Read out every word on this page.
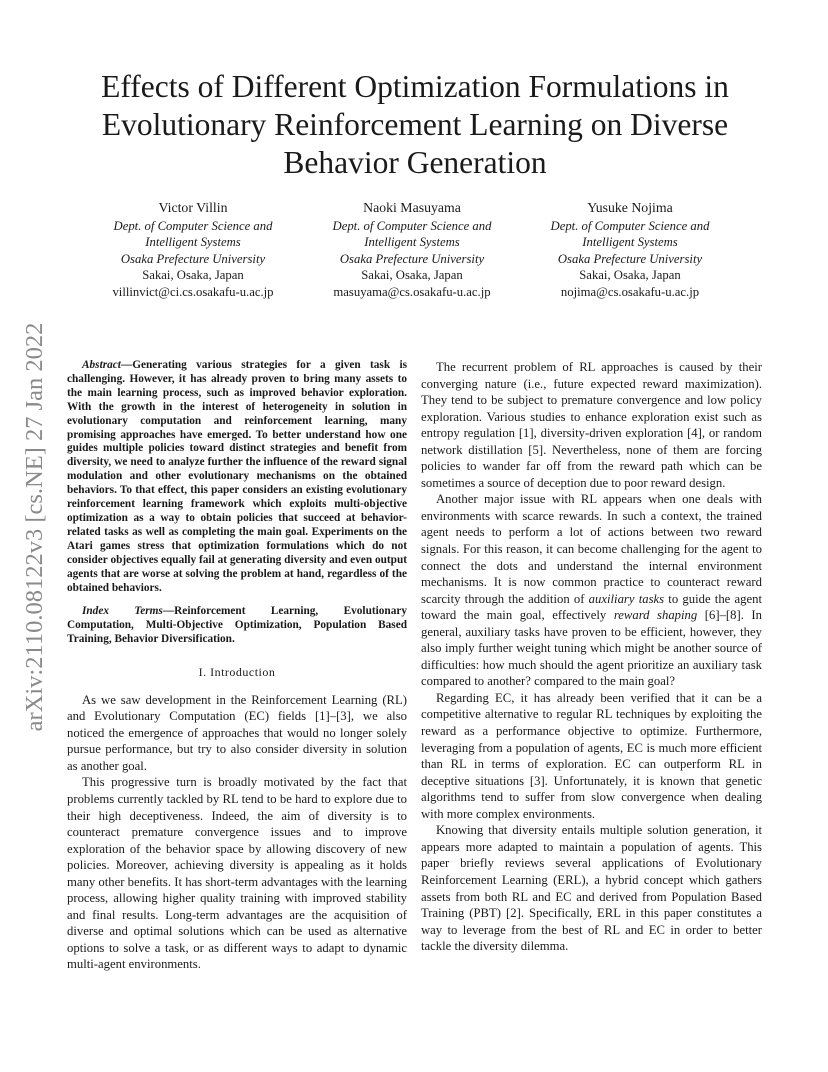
arXiv:2110.08122v3 [cs.NE] 27 Jan 2022
Effects of Different Optimization Formulations in Evolutionary Reinforcement Learning on Diverse Behavior Generation
Victor Villin
Dept. of Computer Science and
Intelligent Systems
Osaka Prefecture University
Sakai, Osaka, Japan
villinvict@ci.cs.osakafu-u.ac.jp
Naoki Masuyama
Dept. of Computer Science and
Intelligent Systems
Osaka Prefecture University
Sakai, Osaka, Japan
masuyama@cs.osakafu-u.ac.jp
Yusuke Nojima
Dept. of Computer Science and
Intelligent Systems
Osaka Prefecture University
Sakai, Osaka, Japan
nojima@cs.osakafu-u.ac.jp

Abstract—Generating various strategies for a given task is challenging. However, it has already proven to bring many assets to the main learning process, such as improved behavior exploration. With the growth in the interest of heterogeneity in solution in evolutionary computation and reinforcement learning, many promising approaches have emerged. To better understand how one guides multiple policies toward distinct strategies and benefit from diversity, we need to analyze further the influence of the reward signal modulation and other evolutionary mechanisms on the obtained behaviors. To that effect, this paper considers an existing evolutionary reinforcement learning framework which exploits multi-objective optimization as a way to obtain policies that succeed at behavior-related tasks as well as completing the main goal. Experiments on the Atari games stress that optimization formulations which do not consider objectives equally fail at generating diversity and even output agents that are worse at solving the problem at hand, regardless of the obtained behaviors.

Index Terms—Reinforcement Learning, Evolutionary Computation, Multi-Objective Optimization, Population Based Training, Behavior Diversification.

I. Introduction

As we saw development in the Reinforcement Learning (RL) and Evolutionary Computation (EC) fields [1]–[3], we also noticed the emergence of approaches that would no longer solely pursue performance, but try to also consider diversity in solution as another goal.

This progressive turn is broadly motivated by the fact that problems currently tackled by RL tend to be hard to explore due to their high deceptiveness. Indeed, the aim of diversity is to counteract premature convergence issues and to improve exploration of the behavior space by allowing discovery of new policies. Moreover, achieving diversity is appealing as it holds many other benefits. It has short-term advantages with the learning process, allowing higher quality training with improved stability and final results. Long-term advantages are the acquisition of diverse and optimal solutions which can be used as alternative options to solve a task, or as different ways to adapt to dynamic multi-agent environments.

The recurrent problem of RL approaches is caused by their converging nature (i.e., future expected reward maximization). They tend to be subject to premature convergence and low policy exploration. Various studies to enhance exploration exist such as entropy regulation [1], diversity-driven exploration [4], or random network distillation [5]. Nevertheless, none of them are forcing policies to wander far off from the reward path which can be sometimes a source of deception due to poor reward design.

Another major issue with RL appears when one deals with environments with scarce rewards. In such a context, the trained agent needs to perform a lot of actions between two reward signals. For this reason, it can become challenging for the agent to connect the dots and understand the internal environment mechanisms. It is now common practice to counteract reward scarcity through the addition of auxiliary tasks to guide the agent toward the main goal, effectively reward shaping [6]–[8]. In general, auxiliary tasks have proven to be efficient, however, they also imply further weight tuning which might be another source of difficulties: how much should the agent prioritize an auxiliary task compared to another? compared to the main goal?

Regarding EC, it has already been verified that it can be a competitive alternative to regular RL techniques by exploiting the reward as a performance objective to optimize. Furthermore, leveraging from a population of agents, EC is much more efficient than RL in terms of exploration. EC can outperform RL in deceptive situations [3]. Unfortunately, it is known that genetic algorithms tend to suffer from slow convergence when dealing with more complex environments.

Knowing that diversity entails multiple solution generation, it appears more adapted to maintain a population of agents. This paper briefly reviews several applications of Evolutionary Reinforcement Learning (ERL), a hybrid concept which gathers assets from both RL and EC and derived from Population Based Training (PBT) [2]. Specifically, ERL in this paper constitutes a way to leverage from the best of RL and EC in order to better tackle the diversity dilemma.
